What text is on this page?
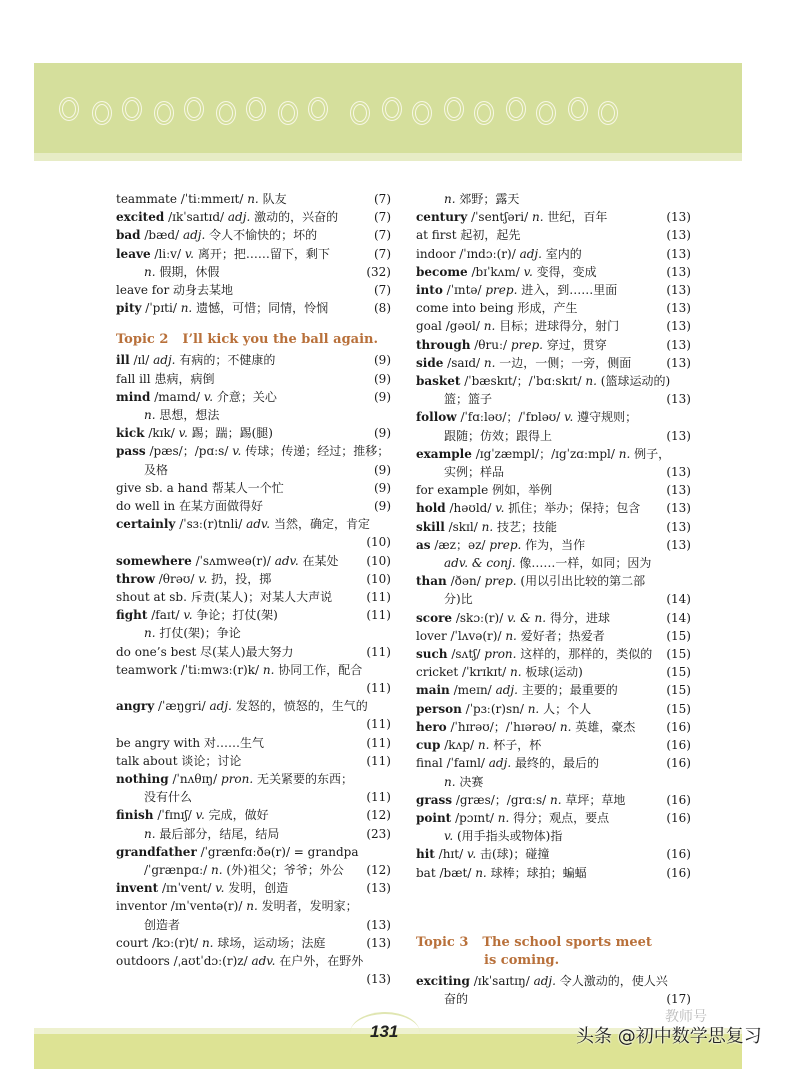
teammate /ˈtiːmmeɪt/ n. 队友	(7)
excited /ɪkˈsaɪtɪd/ adj. 激动的，兴奋的	(7)
bad /bæd/ adj. 令人不愉快的；坏的	(7)
leave /liːv/ v. 离开；把……留下，剩下	(7)
n. 假期，休假	(32)
leave for 动身去某地	(7)
pity /ˈpɪti/ n. 遗憾，可惜；同情，怜悯	(8)
Topic 2 I’ll kick you the ball again.
ill /ɪl/ adj. 有病的；不健康的	(9)
fall ill 患病，病倒	(9)
mind /maɪnd/ v. 介意；关心	(9)
n. 思想，想法
kick /kɪk/ v. 踢；踹；踢(腿)	(9)
pass /pæs/；/pɑːs/ v. 传球；传递；经过；推移；
及格	(9)
give sb. a hand 帮某人一个忙	(9)
do well in 在某方面做得好	(9)
certainly /ˈsɜː(r)tnli/ adv. 当然，确定，肯定
(10)
somewhere /ˈsʌmweə(r)/ adv. 在某处 (10)
throw /θrəʊ/ v. 扔，投，掷	(10)
shout at sb. 斥责(某人)；对某人大声说	(11)
fight /faɪt/ v. 争论；打仗(架)	(11)
n. 打仗(架)；争论
do one’s best 尽(某人)最大努力	(11)
teamwork /ˈtiːmwɜː(r)k/ n. 协同工作，配合
(11)
angry /ˈæŋgri/ adj. 发怒的，愤怒的，生气的
(11)
be angry with 对……生气	(11)
talk about 谈论；讨论	(11)
nothing /ˈnʌθɪŋ/ pron. 无关紧要的东西；
没有什么	(11)
finish /ˈfɪnɪʃ/ v. 完成，做好	(12)
n. 最后部分，结尾，结局	(23)
grandfather /ˈgrænfɑːðə(r)/ = grandpa
/ˈgrænpɑː/ n. (外)祖父；爷爷；外公 (12)
invent /ɪnˈvent/ v. 发明，创造	(13)
inventor /ɪnˈventə(r)/ n. 发明者，发明家；
创造者	(13)
court /kɔː(r)t/ n. 球场，运动场；法庭	(13)
outdoors /ˌaʊtˈdɔː(r)z/ adv. 在户外，在野外
(13)
n. 郊野；露天
century /ˈsentʃəri/ n. 世纪，百年	(13)
at first 起初，起先	(13)
indoor /ˈɪndɔː(r)/ adj. 室内的	(13)
become /bɪˈkʌm/ v. 变得，变成	(13)
into /ˈɪntə/ prep. 进入，到……里面	(13)
come into being 形成，产生	(13)
goal /gəʊl/ n. 目标；进球得分，射门	(13)
through /θruː/ prep. 穿过，贯穿	(13)
side /saɪd/ n. 一边，一侧；一旁，侧面	(13)
basket /ˈbæskɪt/；/ˈbɑːskɪt/ n. (篮球运动的)
篮；篮子	(13)
follow /ˈfɑːləʊ/；/ˈfɒləʊ/ v. 遵守规则；
跟随；仿效；跟得上	(13)
example /ɪgˈzæmpl/；/ɪgˈzɑːmpl/ n. 例子，
实例；样品	(13)
for example 例如，举例	(13)
hold /həʊld/ v. 抓住；举办；保持；包含 (13)
skill /skɪl/ n. 技艺；技能	(13)
as /æz；əz/ prep. 作为，当作	(13)
adv. & conj. 像……一样，如同；因为
than /ðən/ prep. (用以引出比较的第二部
分)比	(14)
score /skɔː(r)/ v. & n. 得分，进球	(14)
lover /ˈlʌvə(r)/ n. 爱好者；热爱者	(15)
such /sʌtʃ/ pron. 这样的，那样的，类似的 (15)
cricket /ˈkrɪkɪt/ n. 板球(运动)	(15)
main /meɪn/ adj. 主要的；最重要的	(15)
person /ˈpɜː(r)sn/ n. 人；个人	(15)
hero /ˈhɪrəʊ/；/ˈhɪərəʊ/ n. 英雄，豪杰	(16)
cup /kʌp/ n. 杯子，杯	(16)
final /ˈfaɪnl/ adj. 最终的，最后的	(16)
n. 决赛
grass /græs/；/grɑːs/ n. 草坪；草地	(16)
point /pɔɪnt/ n. 得分；观点，要点	(16)
v. (用手指头或物体)指
hit /hɪt/ v. 击(球)；碰撞	(16)
bat /bæt/ n. 球棒；球拍；蝙蝠	(16)
Topic 3 The school sports meet
is coming.
exciting /ɪkˈsaɪtɪŋ/ adj. 令人激动的，使人兴
奋的	(17)
131
教师号
头条 @初中数学思复习
